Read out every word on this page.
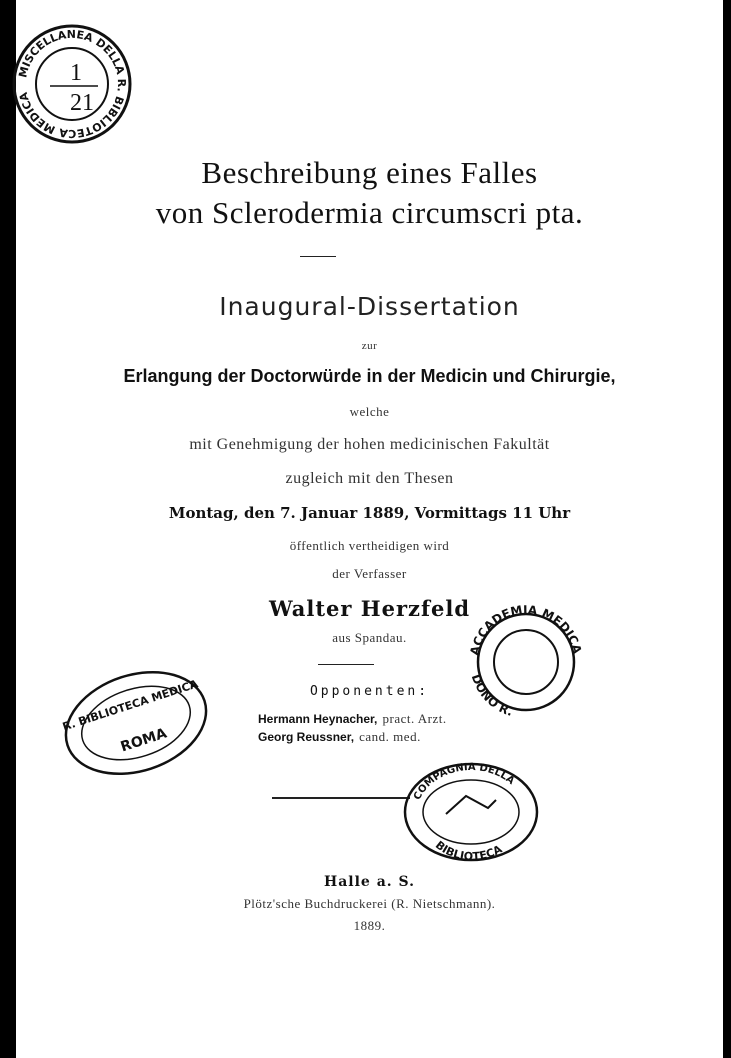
MISCELLANEA DELLA R. BIBLIOTECA MEDICA
1
21
Beschreibung eines Falles
von Sclerodermia circumscri pta.
Inaugural-Dissertation
zur
Erlangung der Doctorwürde in der Medicin und Chirurgie,
welche
mit Genehmigung der hohen medicinischen Fakultät
zugleich mit den Thesen
Montag, den 7. Januar 1889, Vormittags 11 Uhr
öffentlich vertheidigen wird
der Verfasser
Walter Herzfeld
aus Spandau.
Opponenten:
Hermann Heynacher, pract. Arzt.
Georg Reussner, cand. med.
ACCADEMIA MEDICA
DONO R.
R. BIBLIOTECA MEDICA
ROMA
COMPAGNIA DELLA
BIBLIOTECA
Halle a. S.
Plötz'sche Buchdruckerei (R. Nietschmann).
1889.
